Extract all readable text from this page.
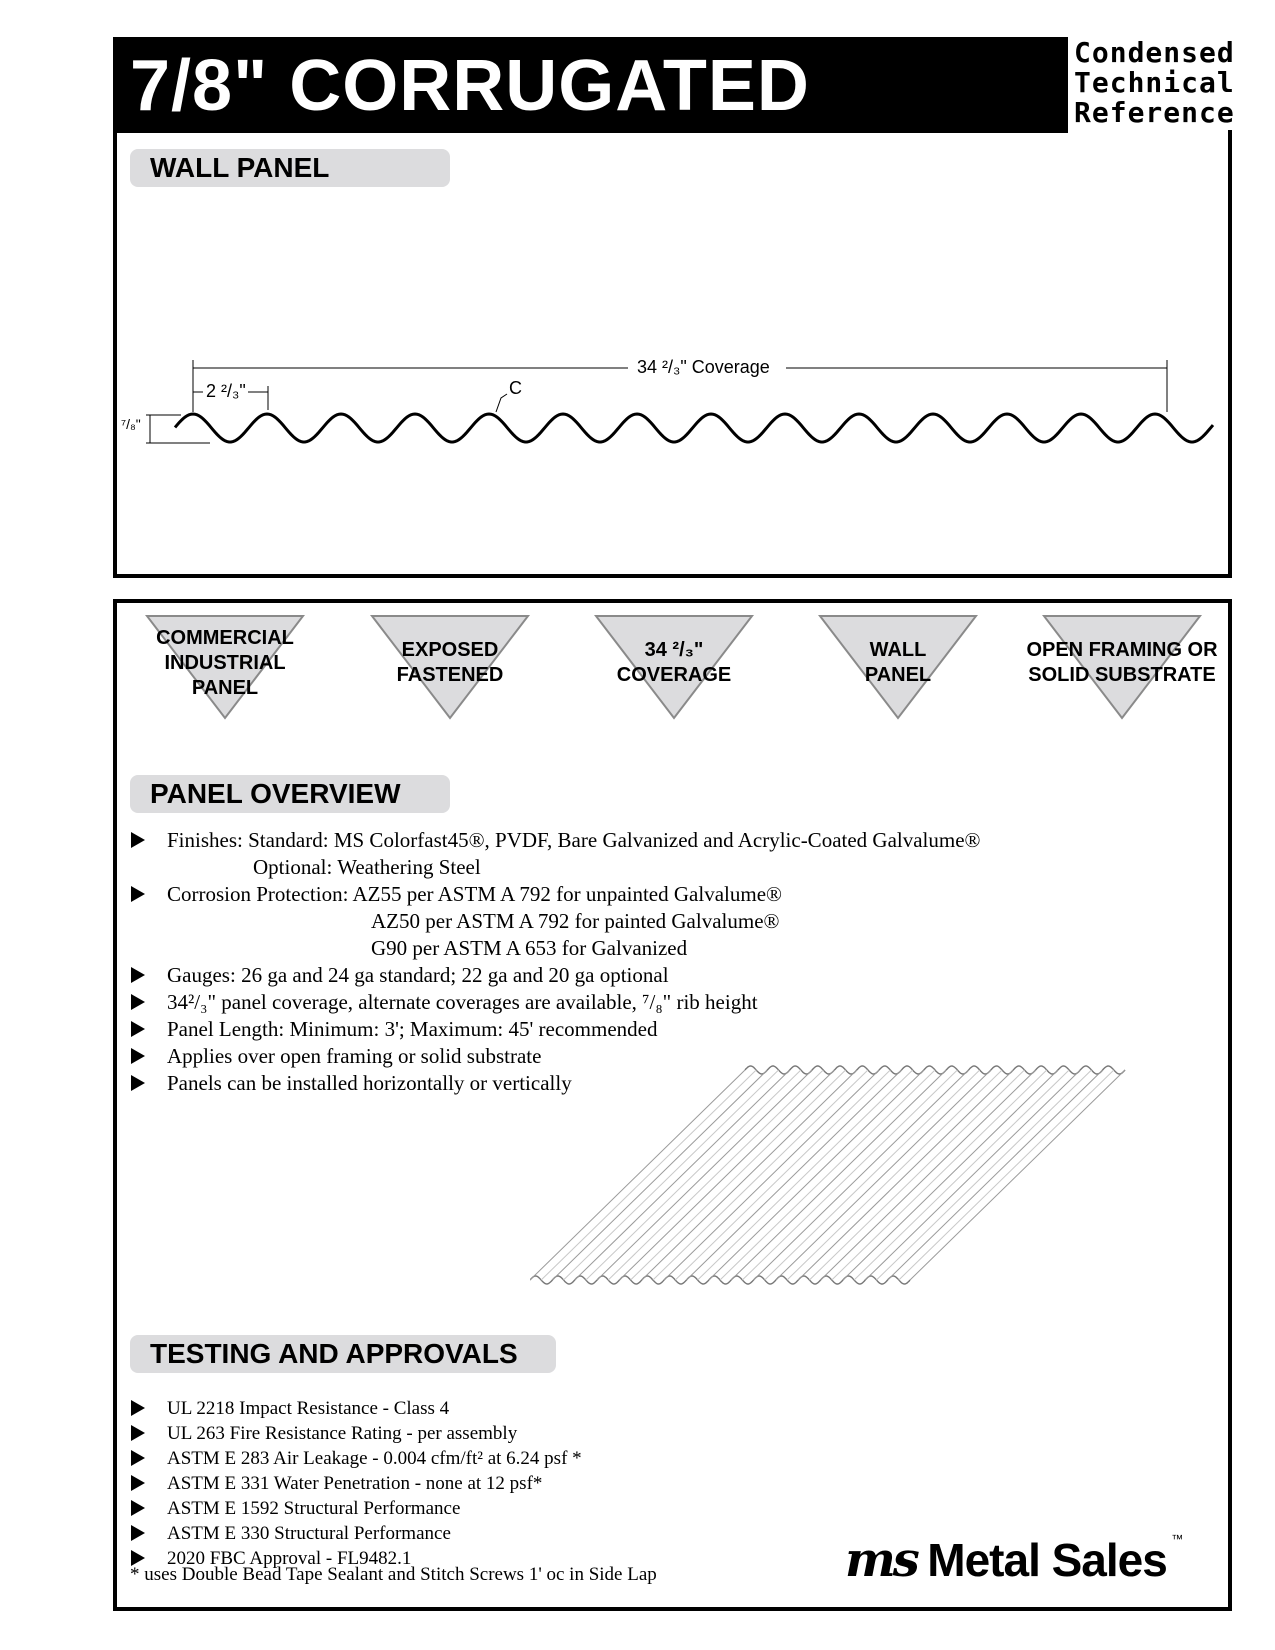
7/8" CORRUGATED	Condensed
Technical
Reference
WALL PANEL
34 ²/₃" Coverage
2 ²/₃"
⁷/₈"
C
COMMERCIAL
INDUSTRIAL
PANEL
EXPOSED
FASTENED
34 ²/₃"
COVERAGE
WALL
PANEL
OPEN FRAMING OR
SOLID SUBSTRATE
PANEL OVERVIEW
Finishes: Standard: MS Colorfast45®, PVDF, Bare Galvanized and Acrylic-Coated Galvalume®
Optional: Weathering Steel
Corrosion Protection: AZ55 per ASTM A 792 for unpainted Galvalume®
AZ50 per ASTM A 792 for painted Galvalume®
G90 per ASTM A 653 for Galvanized
Gauges: 26 ga and 24 ga standard; 22 ga and 20 ga optional
34²/₃" panel coverage, alternate coverages are available, ⁷/₈" rib height
Panel Length: Minimum: 3'; Maximum: 45' recommended
Applies over open framing or solid substrate
Panels can be installed horizontally or vertically
TESTING AND APPROVALS
UL 2218 Impact Resistance - Class 4
UL 263 Fire Resistance Rating - per assembly
ASTM E 283 Air Leakage - 0.004 cfm/ft² at 6.24 psf *
ASTM E 331 Water Penetration - none at 12 psf*
ASTM E 1592 Structural Performance
ASTM E 330 Structural Performance
2020 FBC Approval - FL9482.1
* uses Double Bead Tape Sealant and Stitch Screws 1' oc in Side Lap	ms Metal Sales ™
